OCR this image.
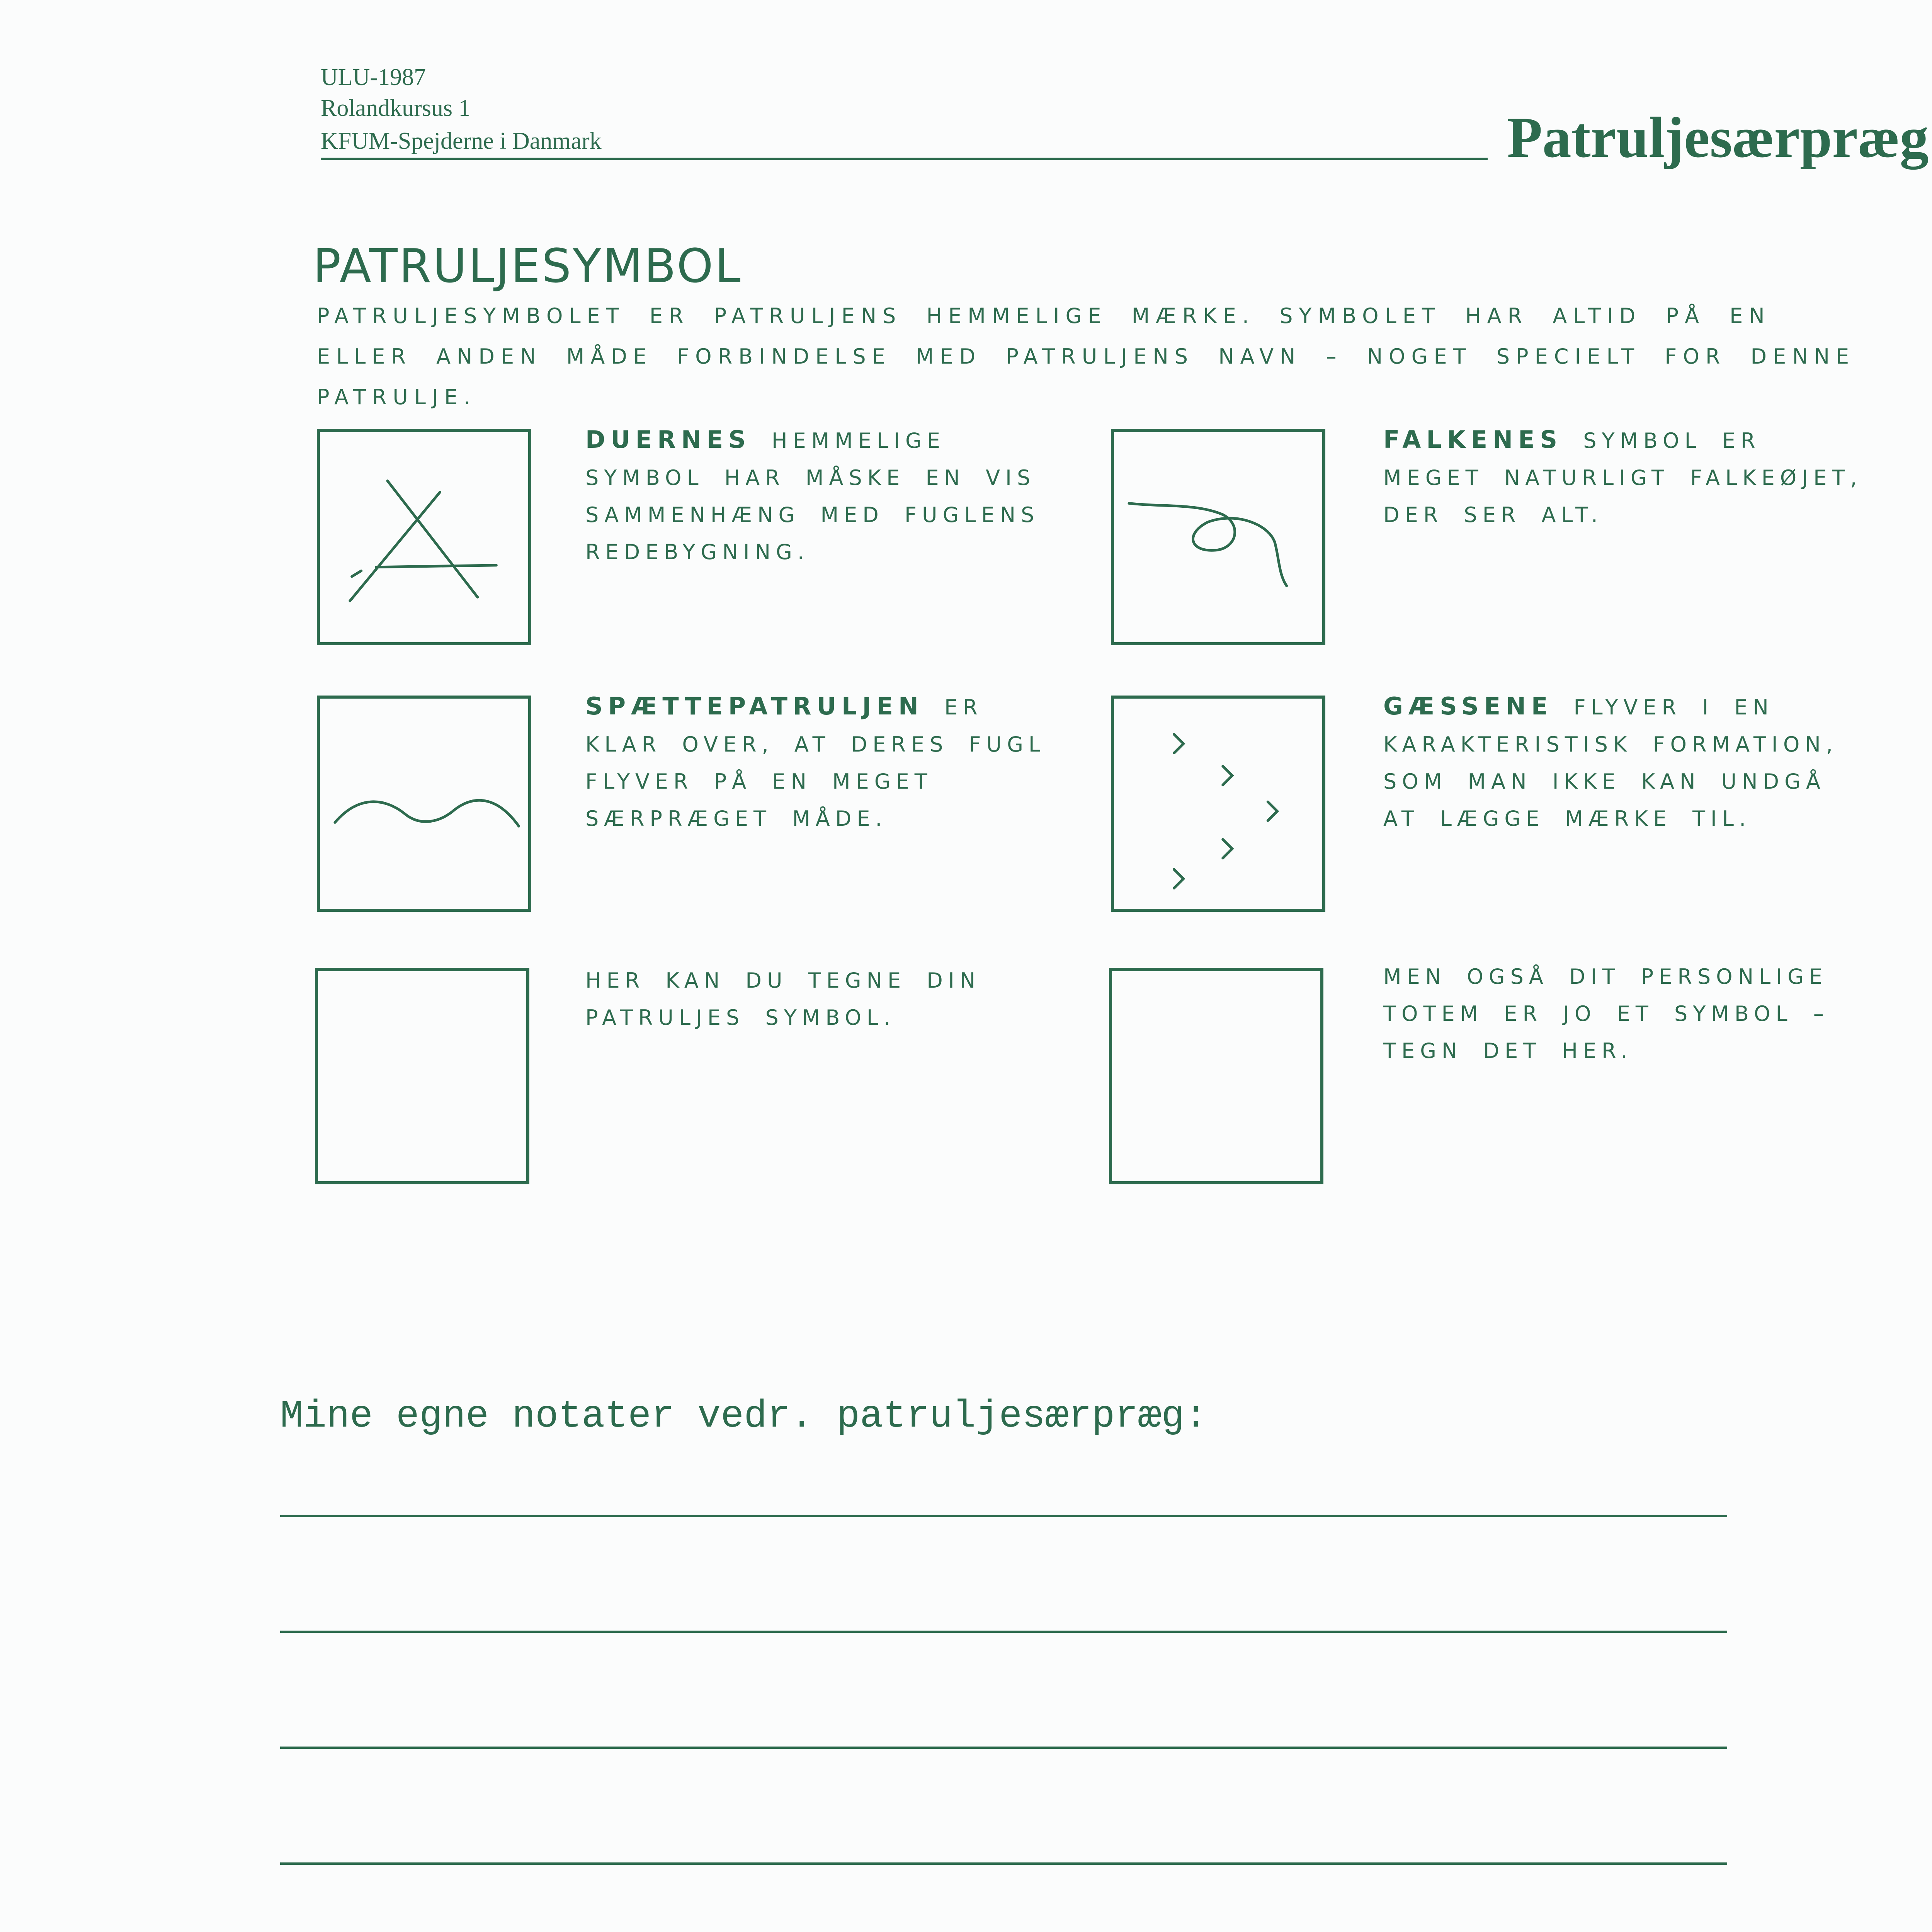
ULU-1987
Rolandkursus 1
KFUM-Spejderne i Danmark	Patruljesærpræg
PATRULJESYMBOL
PATRULJESYMBOLET ER PATRULJENS HEMMELIGE MÆRKE. SYMBOLET HAR ALTID PÅ EN ELLER ANDEN MÅDE FORBINDELSE MED PATRULJENS NAVN – NOGET SPECIELT FOR DENNE PATRULJE.
DUERNES HEMMELIGE SYMBOL HAR MÅSKE EN VIS SAMMENHÆNG MED FUGLENS REDEBYGNING.
FALKENES SYMBOL ER MEGET NATURLIGT FALKEØJET, DER SER ALT.
SPÆTTEPATRULJEN ER KLAR OVER, AT DERES FUGL FLYVER PÅ EN MEGET SÆRPRÆGET MÅDE.
GÆSSENE FLYVER I EN KARAKTERISTISK FORMATION, SOM MAN IKKE KAN UNDGÅ AT LÆGGE MÆRKE TIL.
HER KAN DU TEGNE DIN PATRULJES SYMBOL.
MEN OGSÅ DIT PERSONLIGE TOTEM ER JO ET SYMBOL – TEGN DET HER.
Mine egne notater vedr. patruljesærpræg:
